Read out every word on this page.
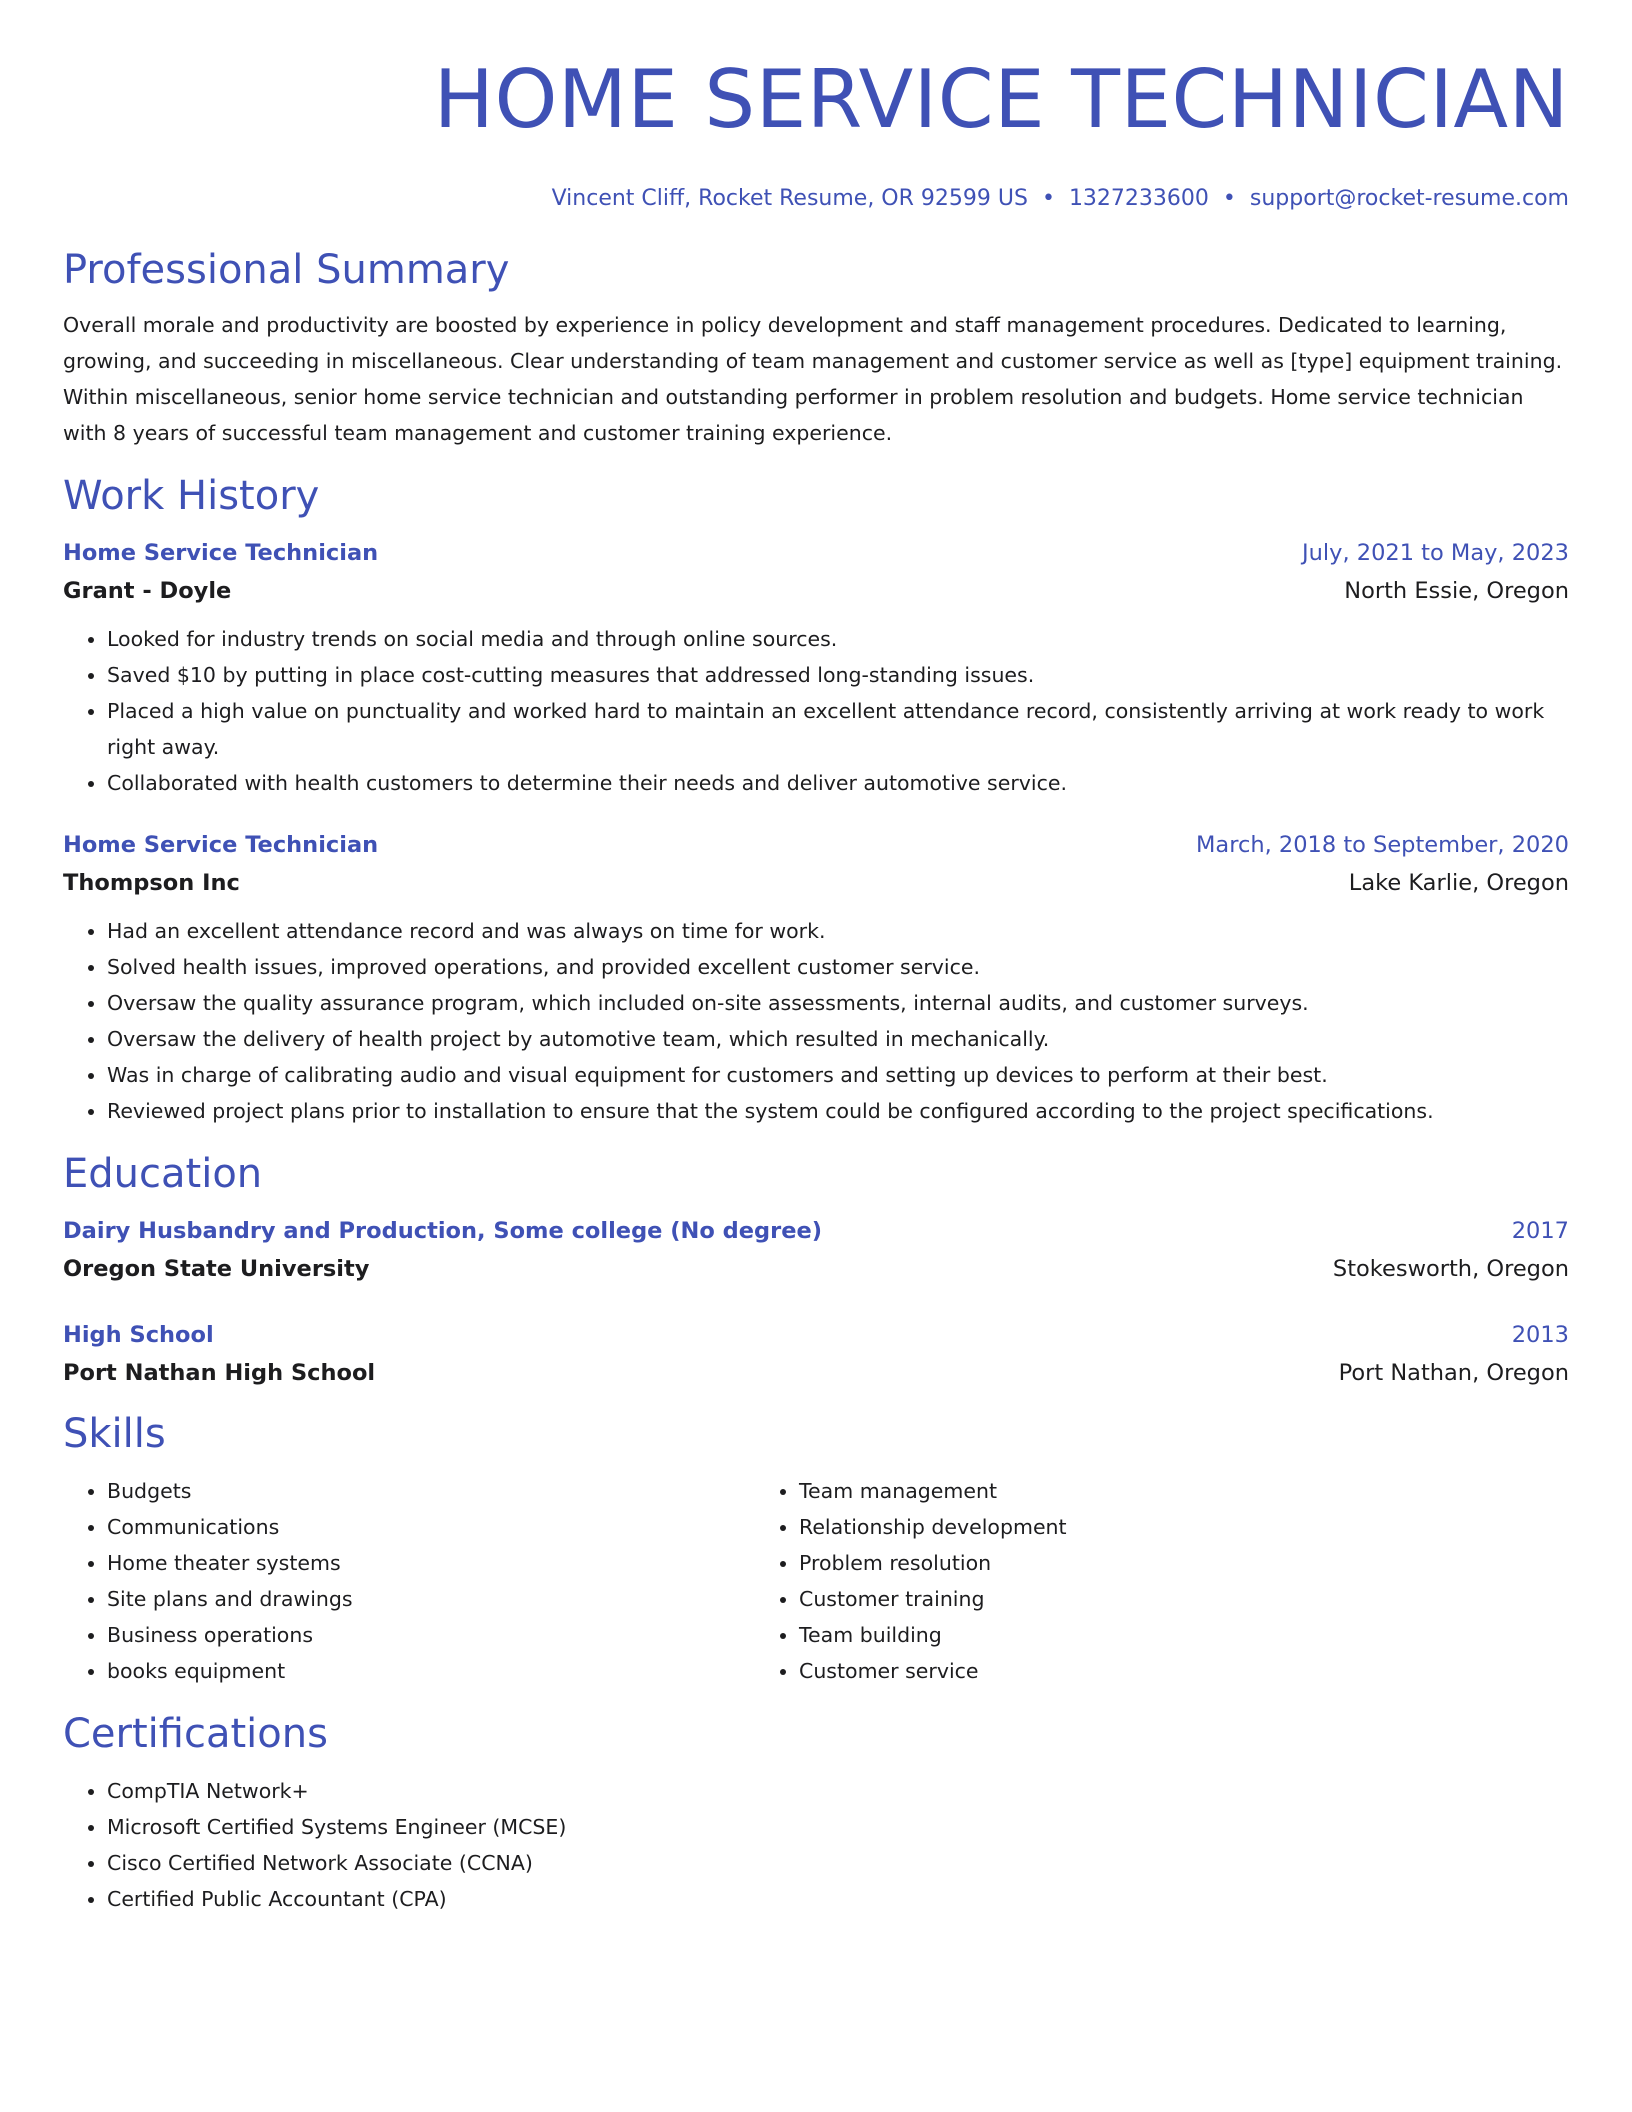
HOME SERVICE TECHNICIAN
Vincent Cliff, Rocket Resume, OR 92599 US • 1327233600 • support@rocket-resume.com
Professional Summary
Overall morale and productivity are boosted by experience in policy development and staff management procedures. Dedicated to learning, growing, and succeeding in miscellaneous. Clear understanding of team management and customer service as well as [type] equipment training. Within miscellaneous, senior home service technician and outstanding performer in problem resolution and budgets. Home service technician with 8 years of successful team management and customer training experience.
Work History
Home Service Technician	July, 2021 to May, 2023
Grant - Doyle	North Essie, Oregon
• Looked for industry trends on social media and through online sources.
• Saved $10 by putting in place cost-cutting measures that addressed long-standing issues.
• Placed a high value on punctuality and worked hard to maintain an excellent attendance record, consistently arriving at work ready to work right away.
• Collaborated with health customers to determine their needs and deliver automotive service.
Home Service Technician	March, 2018 to September, 2020
Thompson Inc	Lake Karlie, Oregon
• Had an excellent attendance record and was always on time for work.
• Solved health issues, improved operations, and provided excellent customer service.
• Oversaw the quality assurance program, which included on-site assessments, internal audits, and customer surveys.
• Oversaw the delivery of health project by automotive team, which resulted in mechanically.
• Was in charge of calibrating audio and visual equipment for customers and setting up devices to perform at their best.
• Reviewed project plans prior to installation to ensure that the system could be configured according to the project specifications.
Education
Dairy Husbandry and Production, Some college (No degree)	2017
Oregon State University	Stokesworth, Oregon
High School	2013
Port Nathan High School	Port Nathan, Oregon
Skills
• Budgets
• Communications
• Home theater systems
• Site plans and drawings
• Business operations
• books equipment
• Team management
• Relationship development
• Problem resolution
• Customer training
• Team building
• Customer service
Certifications
• CompTIA Network+
• Microsoft Certified Systems Engineer (MCSE)
• Cisco Certified Network Associate (CCNA)
• Certified Public Accountant (CPA)
